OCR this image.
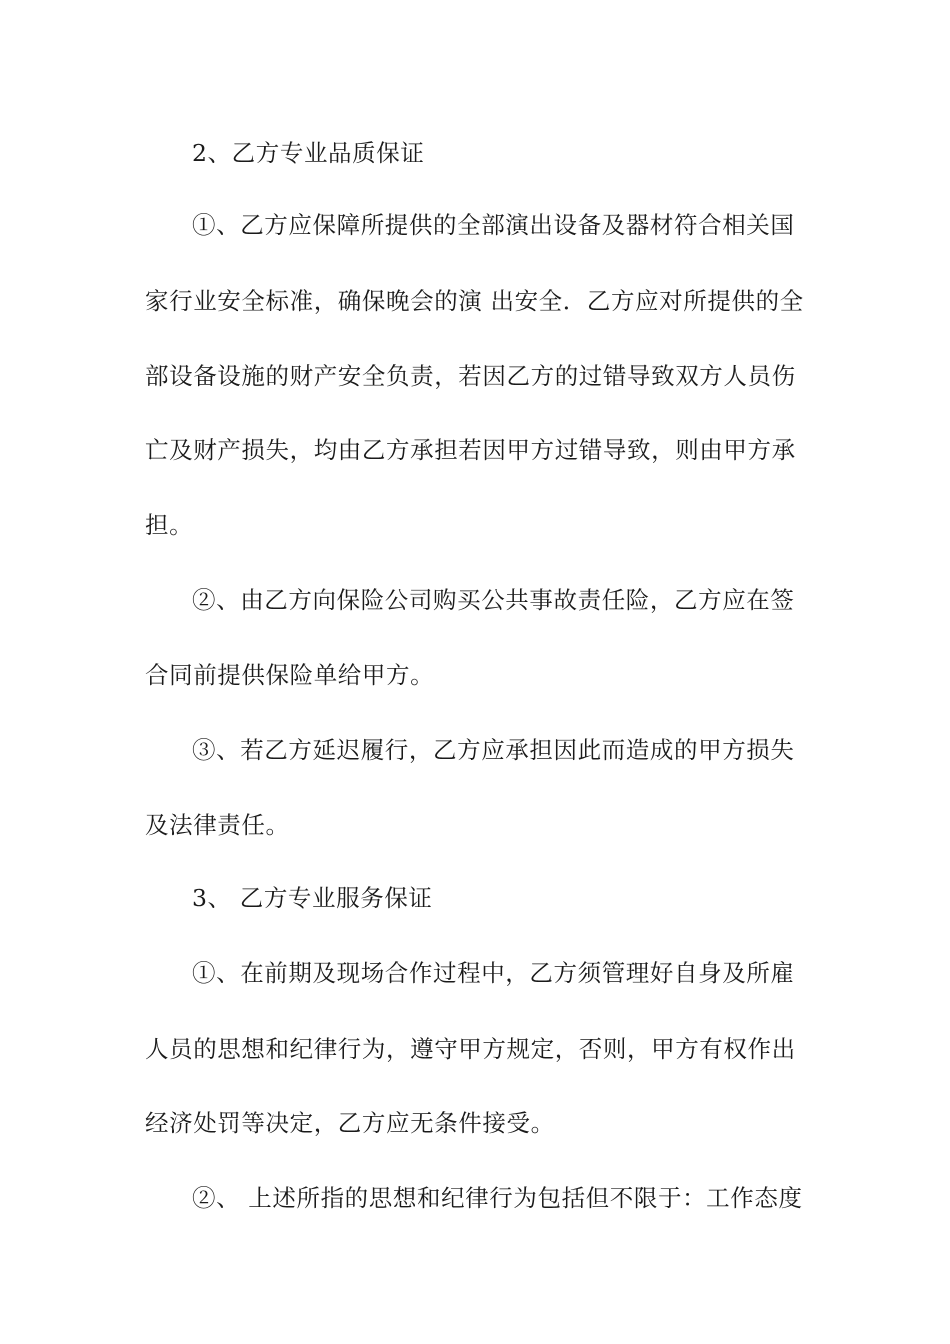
2、乙方专业品质保证
①、乙方应保障所提供的全部演出设备及器材符合相关国
家行业安全标准，确保晚会的演 出安全．乙方应对所提供的全
部设备设施的财产安全负责，若因乙方的过错导致双方人员伤
亡及财产损失，均由乙方承担若因甲方过错导致，则由甲方承
担。
②、由乙方向保险公司购买公共事故责任险，乙方应在签
合同前提供保险单给甲方。
③、若乙方延迟履行，乙方应承担因此而造成的甲方损失
及法律责任。
3、 乙方专业服务保证
①、在前期及现场合作过程中，乙方须管理好自身及所雇
人员的思想和纪律行为，遵守甲方规定，否则，甲方有权作出
经济处罚等决定，乙方应无条件接受。
②、 上述所指的思想和纪律行为包括但不限于：工作态度
